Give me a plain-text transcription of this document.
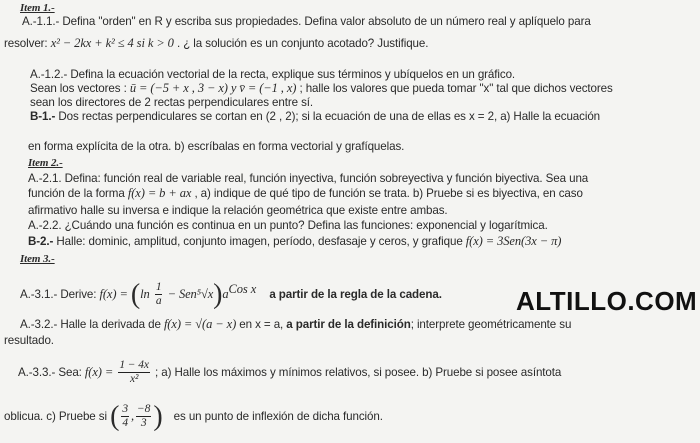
Item 1.-
A.-1.1.- Defina "orden" en R y escriba sus propiedades. Defina valor absoluto de un número real y aplíquelo para
resolver: x² − 2kx + k² ≤ 4 si k > 0 . ¿ la solución es un conjunto acotado? Justifique.
A.-1.2.- Defina la ecuación vectorial de la recta, explique sus términos y ubíquelos en un gráfico.
Sean los vectores : ū = (−5 + x , 3 − x) y v̄ = (−1 , x) ; halle los valores que pueda tomar "x" tal que dichos vectores
sean los directores de 2 rectas perpendiculares entre sí.
B-1.- Dos rectas perpendiculares se cortan en (2 , 2); si la ecuación de una de ellas es x = 2, a) Halle la ecuación
en forma explícita de la otra. b) escríbalas en forma vectorial y grafíquelas.
Item 2.-
A.-2.1. Defina: función real de variable real, función inyectiva, función sobreyectiva y función biyectiva. Sea una
función de la forma f(x) = b + ax , a) indique de qué tipo de función se trata. b) Pruebe si es biyectiva, en caso
afirmativo halle su inversa e indique la relación geométrica que existe entre ambas.
A.-2.2. ¿Cuándo una función es continua en un punto? Defina las funciones: exponencial y logarítmica.
B-2.- Halle: dominic, amplitud, conjunto imagen, período, desfasaje y ceros, y grafique f(x) = 3Sen(3x − π)
Item 3.-
A.-3.1.- Derive: $f(x) = (\ln \frac{1}{a} - Sen^5√x)a^{Cos x}$ a partir de la regla de la cadena.	ALTILLO.COM
A.-3.2.- Halle la derivada de f(x) = √(a − x) en x = a, a partir de la definición; interprete geométricamente su
resultado.
A.-3.3.- Sea: $f(x) = \frac{1 - 4x}{\text{x²}}$ ; a) Halle los máximos y mínimos relativos, si posee. b) Pruebe si posee asíntota
oblicua. c) Pruebe si ( $\frac{3}{4}$ , $\frac{-8}{3}$ ) es un punto de inflexión de dicha función.
